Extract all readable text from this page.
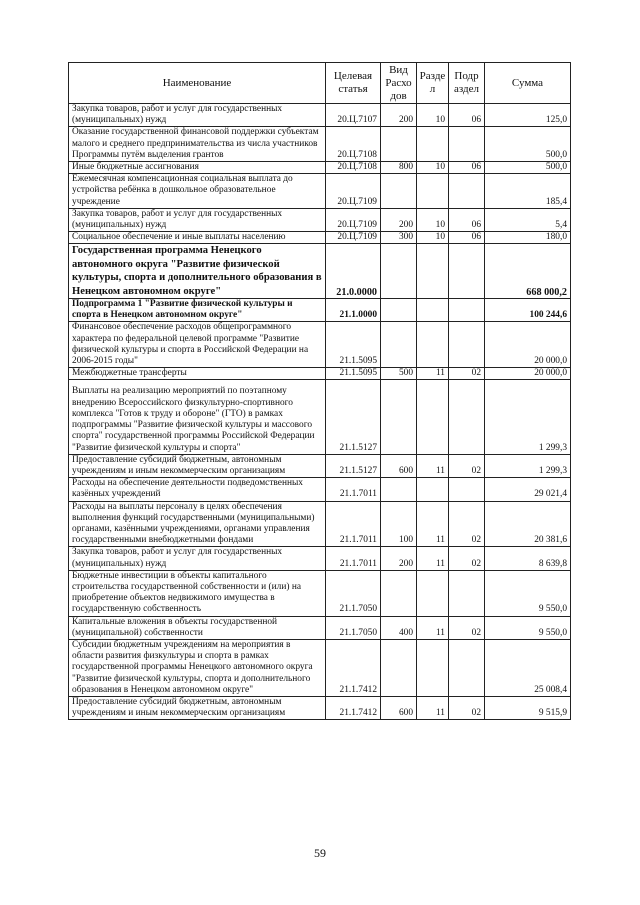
Наименование	Целевая статья	Вид Расхо дов	Разде л	Подр аздел	Сумма
Закупка товаров, работ и услуг для государственных (муниципальных) нужд	20.Ц.7107	200	10	06	125,0
Оказание государственной финансовой поддержки субъектам малого и среднего предпринимательства из числа участников Программы путём выделения грантов	20.Ц.7108				500,0
Иные бюджетные ассигнования	20.Ц.7108	800	10	06	500,0
Ежемесячная компенсационная социальная выплата до устройства ребёнка в дошкольное образовательное учреждение	20.Ц.7109				185,4
Закупка товаров, работ и услуг для государственных (муниципальных) нужд	20.Ц.7109	200	10	06	5,4
Социальное обеспечение и иные выплаты населению	20.Ц.7109	300	10	06	180,0
Государственная программа Ненецкого автономного округа "Развитие физической культуры, спорта и дополнительного образования в Ненецком автономном округе"	21.0.0000				668 000,2
Подпрограмма 1 "Развитие физической культуры и спорта в Ненецком автономном округе"	21.1.0000				100 244,6
Финансовое обеспечение расходов общепрограммного характера по федеральной целевой программе "Развитие физической культуры и спорта в Российской Федерации на 2006-2015 годы"	21.1.5095				20 000,0
Межбюджетные трансферты	21.1.5095	500	11	02	20 000,0
Выплаты на реализацию мероприятий по поэтапному внедрению Всероссийского физкультурно-спортивного комплекса "Готов к труду и обороне" (ГТО) в рамках подпрограммы "Развитие физической культуры и массового спорта" государственной программы Российской Федерации "Развитие физической культуры и спорта"	21.1.5127				1 299,3
Предоставление субсидий бюджетным, автономным учреждениям и иным некоммерческим организациям	21.1.5127	600	11	02	1 299,3
Расходы на обеспечение деятельности подведомственных казённых учреждений	21.1.7011				29 021,4
Расходы на выплаты персоналу в целях обеспечения выполнения функций государственными (муниципальными) органами, казёнными учреждениями, органами управления государственными внебюджетными фондами	21.1.7011	100	11	02	20 381,6
Закупка товаров, работ и услуг для государственных (муниципальных) нужд	21.1.7011	200	11	02	8 639,8
Бюджетные инвестиции в объекты капитального строительства государственной собственности и (или) на приобретение объектов недвижимого имущества в государственную собственность	21.1.7050				9 550,0
Капитальные вложения в объекты государственной (муниципальной) собственности	21.1.7050	400	11	02	9 550,0
Субсидии бюджетным учреждениям на мероприятия в области развития физкультуры и спорта в рамках государственной программы Ненецкого автономного округа "Развитие физической культуры, спорта и дополнительного образования в Ненецком автономном округе"	21.1.7412				25 008,4
Предоставление субсидий бюджетным, автономным учреждениям и иным некоммерческим организациям	21.1.7412	600	11	02	9 515,9
59
